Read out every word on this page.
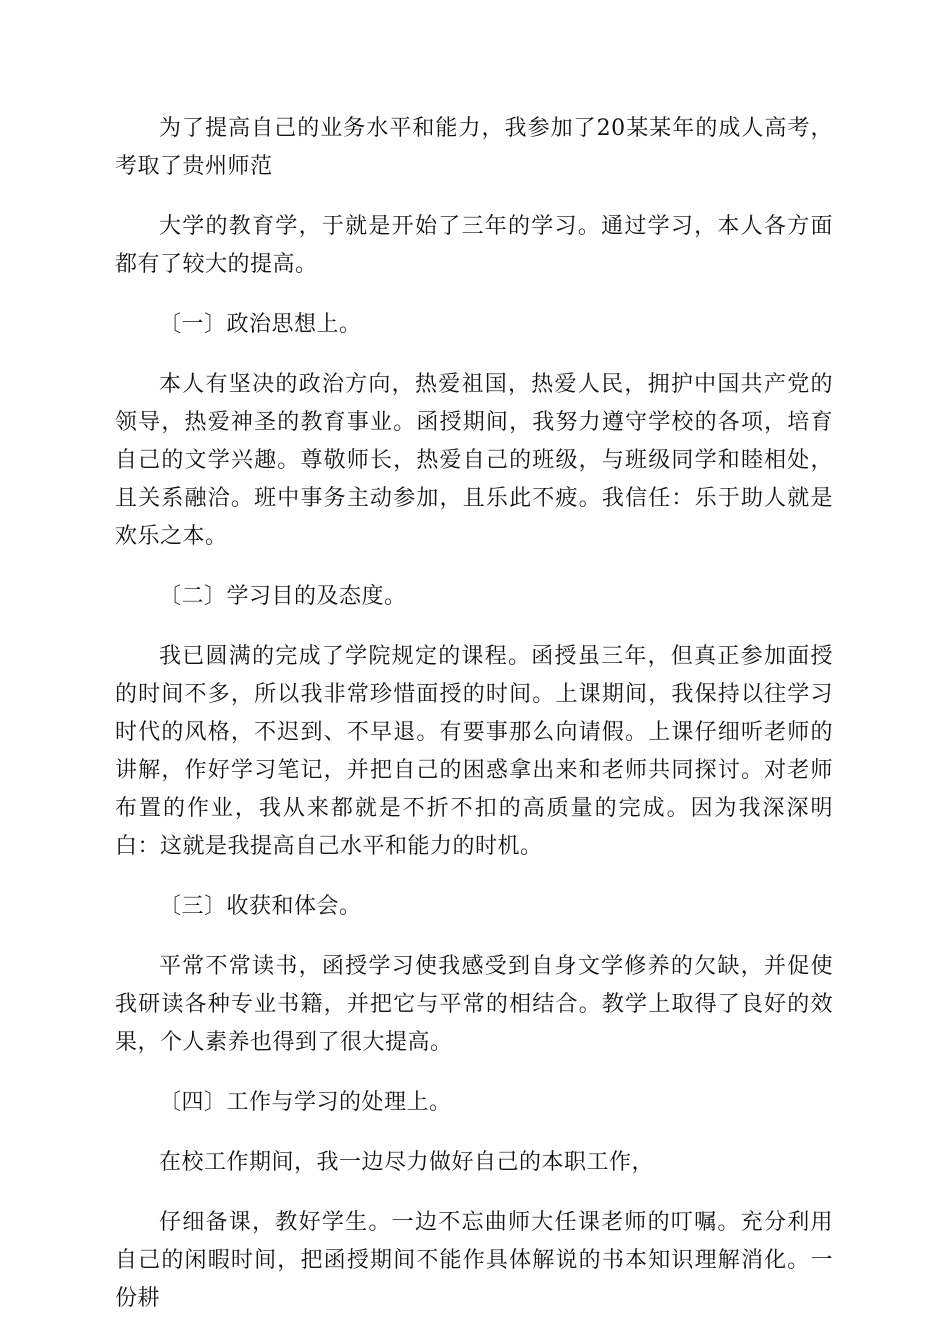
为了提高自己的业务水平和能力，我参加了20某某年的成人高考，考取了贵州师范

大学的教育学，于就是开始了三年的学习。通过学习，本人各方面都有了较大的提高。

〔一〕政治思想上。

本人有坚决的政治方向，热爱祖国，热爱人民，拥护中国共产党的领导，热爱神圣的教育事业。函授期间，我努力遵守学校的各项，培育自己的文学兴趣。尊敬师长，热爱自己的班级，与班级同学和睦相处，且关系融洽。班中事务主动参加，且乐此不疲。我信任：乐于助人就是欢乐之本。

〔二〕学习目的及态度。

我已圆满的完成了学院规定的课程。函授虽三年，但真正参加面授的时间不多，所以我非常珍惜面授的时间。上课期间，我保持以往学习时代的风格，不迟到、不早退。有要事那么向请假。上课仔细听老师的讲解，作好学习笔记，并把自己的困惑拿出来和老师共同探讨。对老师布置的作业，我从来都就是不折不扣的高质量的完成。因为我深深明白：这就是我提高自己水平和能力的时机。

〔三〕收获和体会。

平常不常读书，函授学习使我感受到自身文学修养的欠缺，并促使我研读各种专业书籍，并把它与平常的相结合。教学上取得了良好的效果，个人素养也得到了很大提高。

〔四〕工作与学习的处理上。

在校工作期间，我一边尽力做好自己的本职工作，

仔细备课，教好学生。一边不忘曲师大任课老师的叮嘱。充分利用自己的闲暇时间，把函授期间不能作具体解说的书本知识理解消化。一份耕
